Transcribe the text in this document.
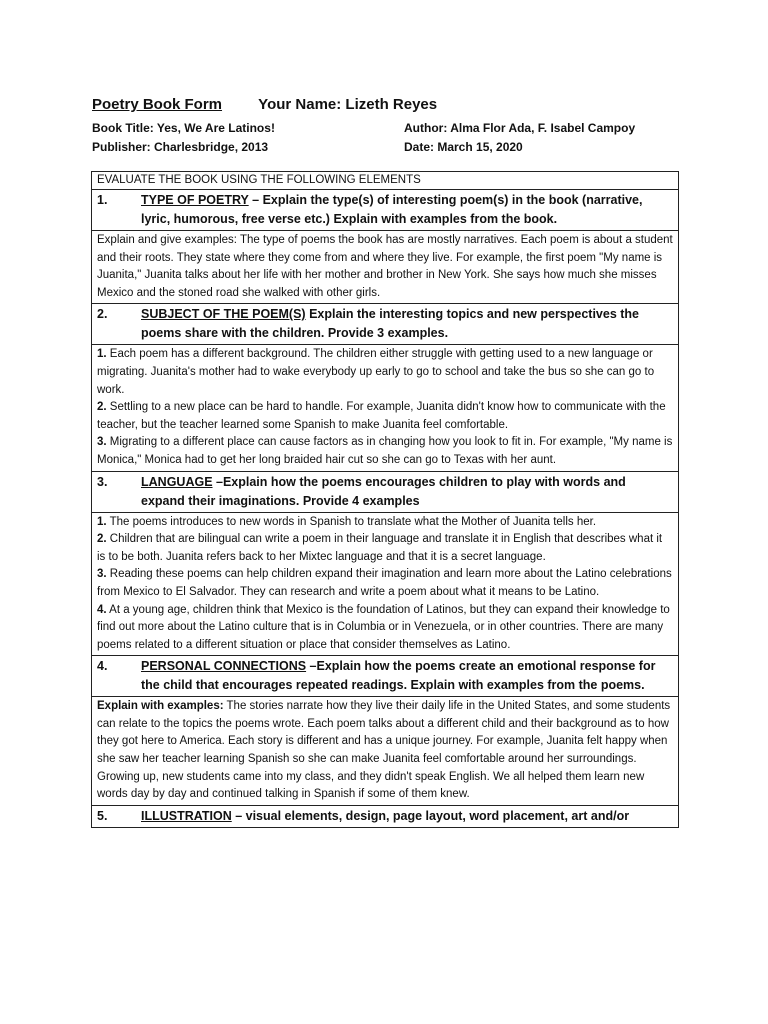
Poetry Book Form Your Name: Lizeth Reyes
Book Title: Yes, We Are Latinos!	Author: Alma Flor Ada, F. Isabel Campoy
Publisher: Charlesbridge, 2013	Date: March 15, 2020
EVALUATE THE BOOK USING THE FOLLOWING ELEMENTS

1.	TYPE OF POETRY – Explain the type(s) of interesting poem(s) in the book (narrative, lyric, humorous, free verse etc.) Explain with examples from the book.

Explain and give examples: The type of poems the book has are mostly narratives. Each poem is about a student and their roots. They state where they come from and where they live. For example, the first poem "My name is Juanita," Juanita talks about her life with her mother and brother in New York. She says how much she misses Mexico and the stoned road she walked with other girls.

2.	SUBJECT OF THE POEM(S) Explain the interesting topics and new perspectives the poems share with the children. Provide 3 examples.

1. Each poem has a different background. The children either struggle with getting used to a new language or migrating. Juanita's mother had to wake everybody up early to go to school and take the bus so she can go to work.

2. Settling to a new place can be hard to handle. For example, Juanita didn't know how to communicate with the teacher, but the teacher learned some Spanish to make Juanita feel comfortable.

3. Migrating to a different place can cause factors as in changing how you look to fit in. For example, "My name is Monica," Monica had to get her long braided hair cut so she can go to Texas with her aunt.

3.	LANGUAGE –Explain how the poems encourages children to play with words and expand their imaginations. Provide 4 examples

1. The poems introduces to new words in Spanish to translate what the Mother of Juanita tells her.

2. Children that are bilingual can write a poem in their language and translate it in English that describes what it is to be both. Juanita refers back to her Mixtec language and that it is a secret language.

3. Reading these poems can help children expand their imagination and learn more about the Latino celebrations from Mexico to El Salvador. They can research and write a poem about what it means to be Latino.

4. At a young age, children think that Mexico is the foundation of Latinos, but they can expand their knowledge to find out more about the Latino culture that is in Columbia or in Venezuela, or in other countries. There are many poems related to a different situation or place that consider themselves as Latino.

4.	PERSONAL CONNECTIONS –Explain how the poems create an emotional response for the child that encourages repeated readings. Explain with examples from the poems.

Explain with examples: The stories narrate how they live their daily life in the United States, and some students can relate to the topics the poems wrote. Each poem talks about a different child and their background as to how they got here to America. Each story is different and has a unique journey. For example, Juanita felt happy when she saw her teacher learning Spanish so she can make Juanita feel comfortable around her surroundings. Growing up, new students came into my class, and they didn't speak English. We all helped them learn new words day by day and continued talking in Spanish if some of them knew.

5.	ILLUSTRATION – visual elements, design, page layout, word placement, art and/or
